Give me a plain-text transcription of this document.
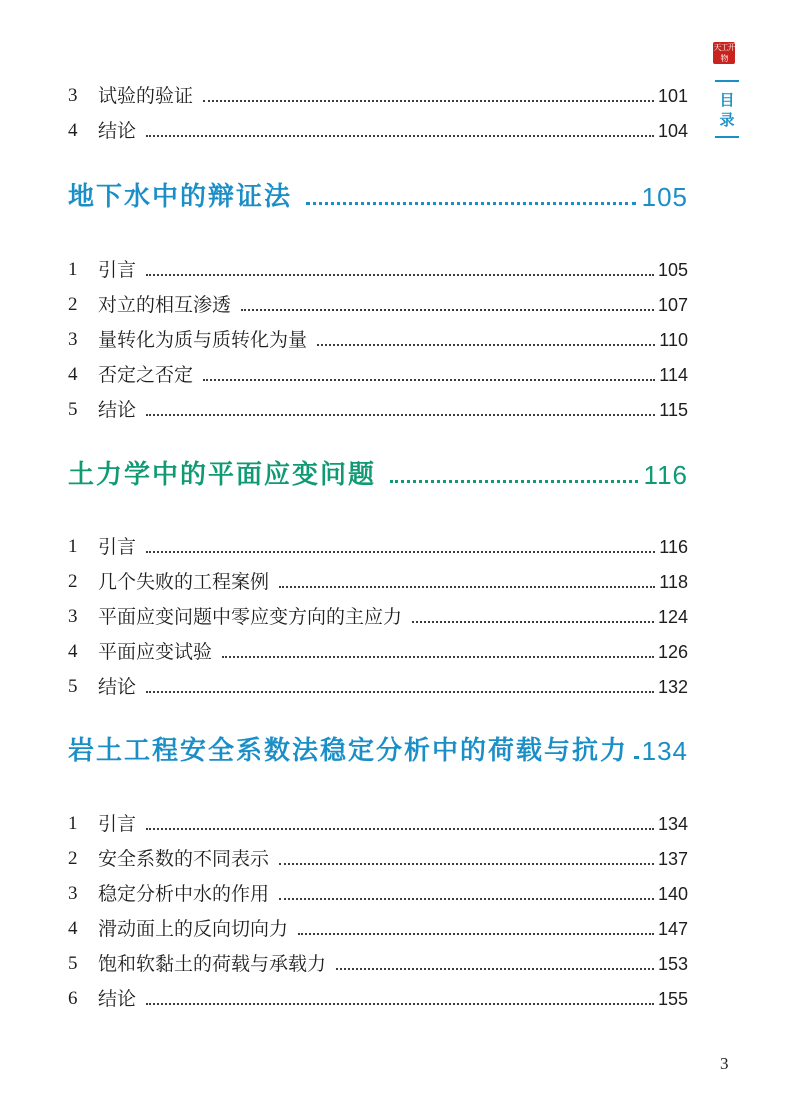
3	试验的验证	101
4	结论	104
地下水中的辩证法	105
1	引言	105
2	对立的相互渗透	107
3	量转化为质与质转化为量	110
4	否定之否定	114
5	结论	115
土力学中的平面应变问题	116
1	引言	116
2	几个失败的工程案例	118
3	平面应变问题中零应变方向的主应力	124
4	平面应变试验	126
5	结论	132
岩土工程安全系数法稳定分析中的荷载与抗力 134
1	引言	134
2	安全系数的不同表示	137
3	稳定分析中水的作用	140
4	滑动面上的反向切向力	147
5	饱和软黏土的荷载与承载力	153
6	结论	155
天工开物
目
录
3
